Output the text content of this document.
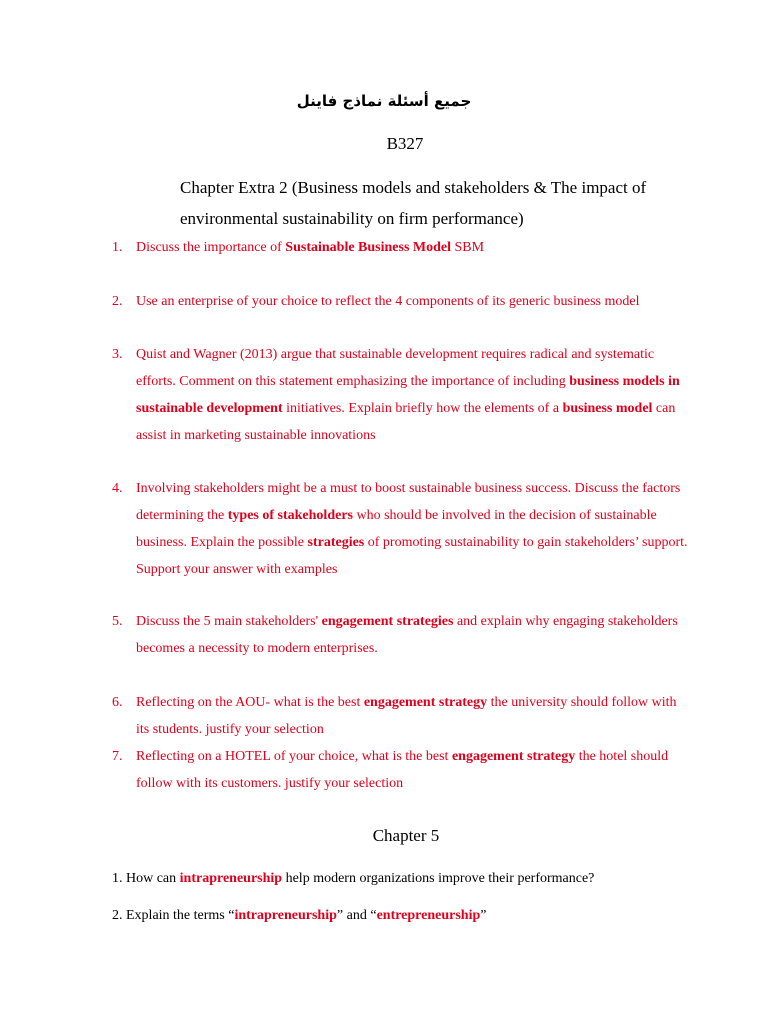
جميع أسئلة نماذج فاينل
B327
Chapter Extra 2 (Business models and stakeholders & The impact of environmental sustainability on firm performance)
1. Discuss the importance of Sustainable Business Model SBM
2. Use an enterprise of your choice to reflect the 4 components of its generic business model
3. Quist and Wagner (2013) argue that sustainable development requires radical and systematic efforts. Comment on this statement emphasizing the importance of including business models in sustainable development initiatives. Explain briefly how the elements of a business model can assist in marketing sustainable innovations
4. Involving stakeholders might be a must to boost sustainable business success. Discuss the factors determining the types of stakeholders who should be involved in the decision of sustainable business. Explain the possible strategies of promoting sustainability to gain stakeholders’ support. Support your answer with examples
5. Discuss the 5 main stakeholders' engagement strategies and explain why engaging stakeholders becomes a necessity to modern enterprises.
6. Reflecting on the AOU- what is the best engagement strategy the university should follow with its students. justify your selection
7. Reflecting on a HOTEL of your choice, what is the best engagement strategy the hotel should follow with its customers. justify your selection
Chapter 5
1. How can intrapreneurship help modern organizations improve their performance?
2. Explain the terms “intrapreneurship” and “entrepreneurship”
